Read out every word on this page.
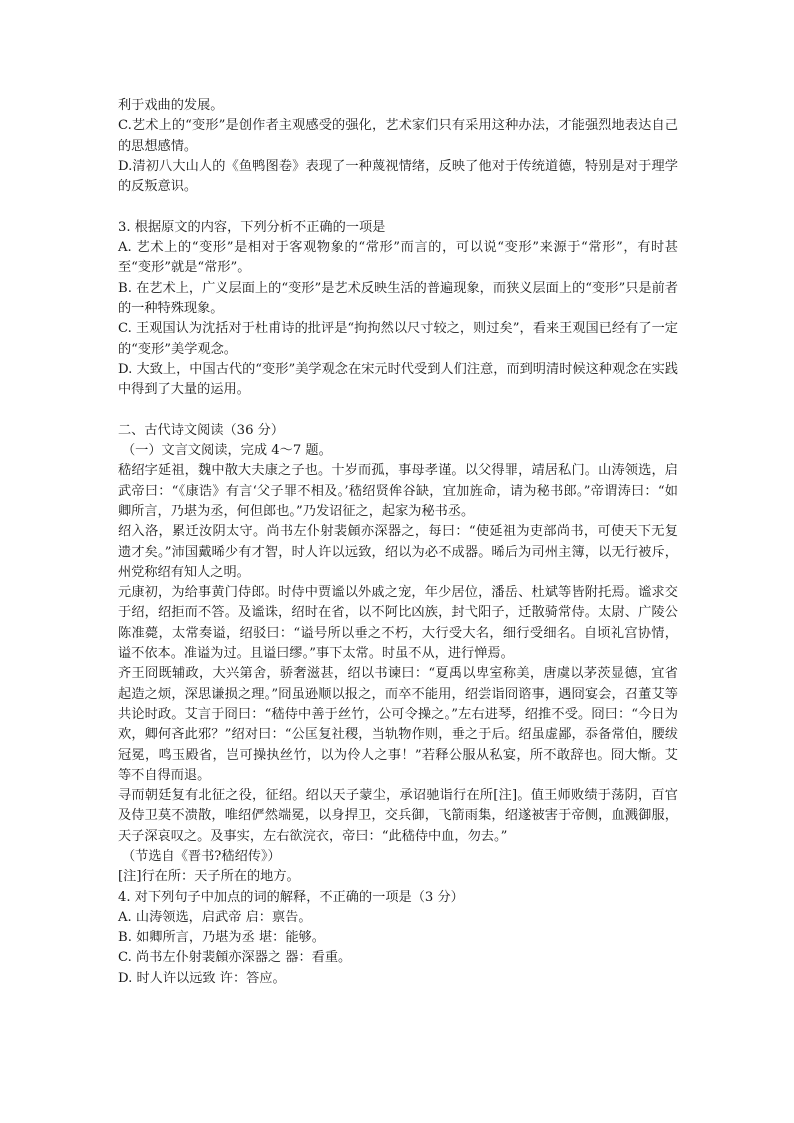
利于戏曲的发展。

C.艺术上的“变形”是创作者主观感受的强化，艺术家们只有采用这种办法，才能强烈地表达自己的思想感情。

D.清初八大山人的《鱼鸭图卷》表现了一种蔑视情绪，反映了他对于传统道德，特别是对于理学的反叛意识。

3. 根据原文的内容，下列分析不正确的一项是

A. 艺术上的“变形”是相对于客观物象的“常形”而言的，可以说“变形”来源于“常形”，有时甚至“变形”就是“常形”。

B. 在艺术上，广义层面上的“变形”是艺术反映生活的普遍现象，而狭义层面上的“变形”只是前者的一种特殊现象。

C. 王观国认为沈括对于杜甫诗的批评是“拘拘然以尺寸较之，则过矣”，看来王观国已经有了一定的“变形”美学观念。

D. 大致上，中国古代的“变形”美学观念在宋元时代受到人们注意，而到明清时候这种观念在实践中得到了大量的运用。

二、古代诗文阅读（36 分）

（一）文言文阅读，完成 4～7 题。

嵇绍字延祖，魏中散大夫康之子也。十岁而孤，事母孝谨。以父得罪，靖居私门。山涛领选，启武帝曰：“《康诰》有言‘父子罪不相及。’嵇绍贤侔谷缺，宜加旌命，请为秘书郎。”帝谓涛曰：“如卿所言，乃堪为丞，何但郎也。”乃发诏征之，起家为秘书丞。

绍入洛，累迁汝阴太守。尚书左仆射裴頠亦深器之，每曰：“使延祖为吏部尚书，可使天下无复遗才矣。”沛国戴晞少有才智，时人许以远致，绍以为必不成器。晞后为司州主簿，以无行被斥，州党称绍有知人之明。

元康初，为给事黄门侍郎。时侍中贾谧以外戚之宠，年少居位，潘岳、杜斌等皆附托焉。谧求交于绍，绍拒而不答。及谧诛，绍时在省，以不阿比凶族，封弋阳子，迁散骑常侍。太尉、广陵公陈准薨，太常奏谥，绍驳曰：“谥号所以垂之不朽，大行受大名，细行受细名。自顷礼宫协情，谥不依本。准谥为过。且谥曰缪。”事下太常。时虽不从，进行惮焉。

齐王冏既辅政，大兴第舍，骄奢滋甚，绍以书谏曰：“夏禹以卑室称美，唐虞以茅茨显德，宜省起造之烦，深思谦损之理。”冏虽逊顺以报之，而卒不能用，绍尝诣冏谘事，遇冏宴会，召董艾等共论时政。艾言于冏曰：“嵇侍中善于丝竹，公可令操之。”左右进琴，绍推不受。冏曰：“今日为欢，卿何吝此邪？”绍对曰：“公匡复社稷，当轨物作则，垂之于后。绍虽虚鄙，忝备常伯，腰绂冠冕，鸣玉殿省，岂可操执丝竹，以为伶人之事！”若释公服从私宴，所不敢辞也。冏大惭。艾等不自得而退。

寻而朝廷复有北征之役，征绍。绍以天子蒙尘，承诏驰诣行在所[注]。值王师败绩于荡阴，百官及侍卫莫不溃散，唯绍俨然端冕，以身捍卫，交兵御，飞箭雨集，绍遂被害于帝侧，血溅御服，天子深哀叹之。及事实，左右欲浣衣，帝曰：“此嵇侍中血，勿去。”

（节选自《晋书?嵇绍传》）

[注]行在所：天子所在的地方。

4. 对下列句子中加点的词的解释，不正确的一项是（3 分）

A. 山涛领选，启武帝 启：禀告。

B. 如卿所言，乃堪为丞 堪：能够。

C. 尚书左仆射裴頠亦深器之 器：看重。

D. 时人许以远致 许：答应。
